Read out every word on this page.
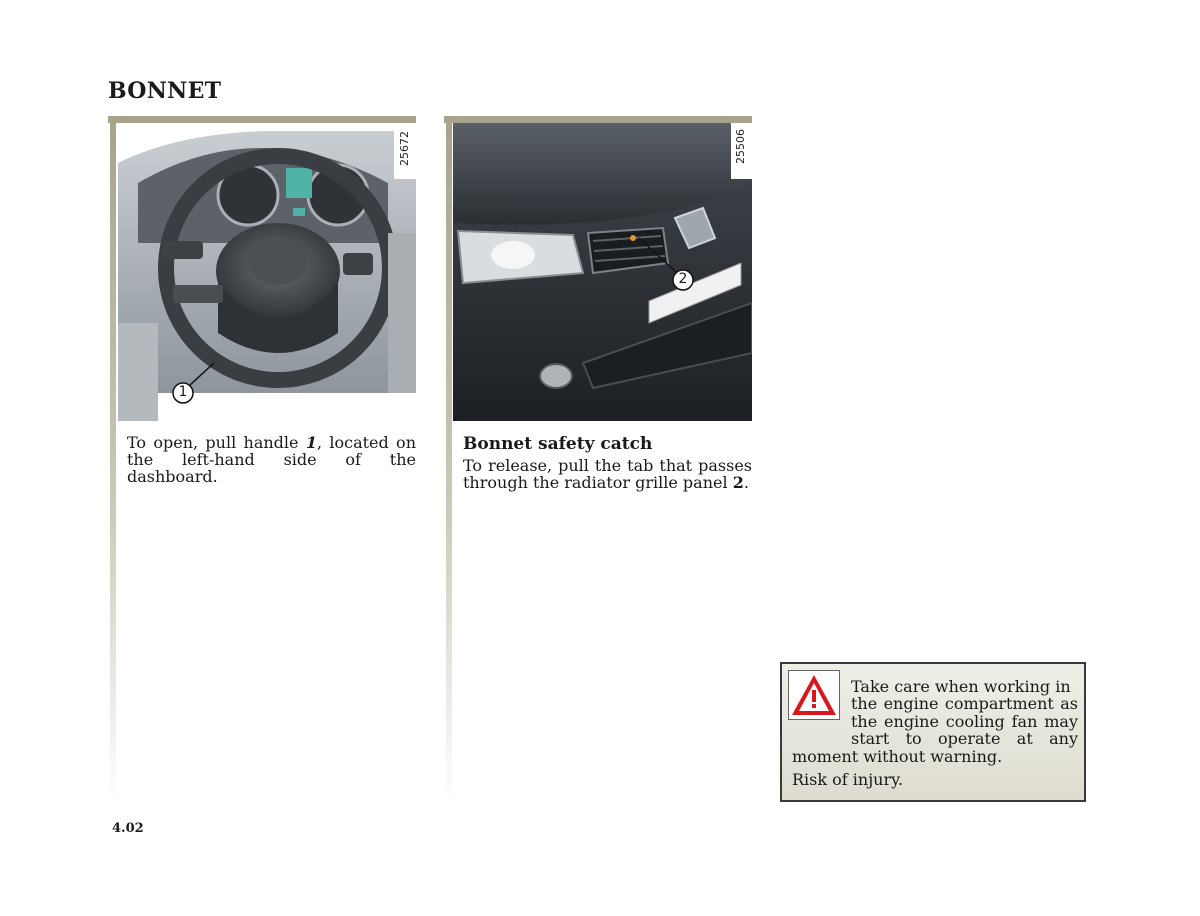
BONNET
1
25672

To open, pull handle 1, located on the left-hand side of the dashboard.

2
25506
Bonnet safety catch

To release, pull the tab that passes through the radiator grille panel 2.

Take care when working in
the engine compartment as
the engine cooling fan may
start to operate at any
moment without warning.
Risk of injury.
4.02
